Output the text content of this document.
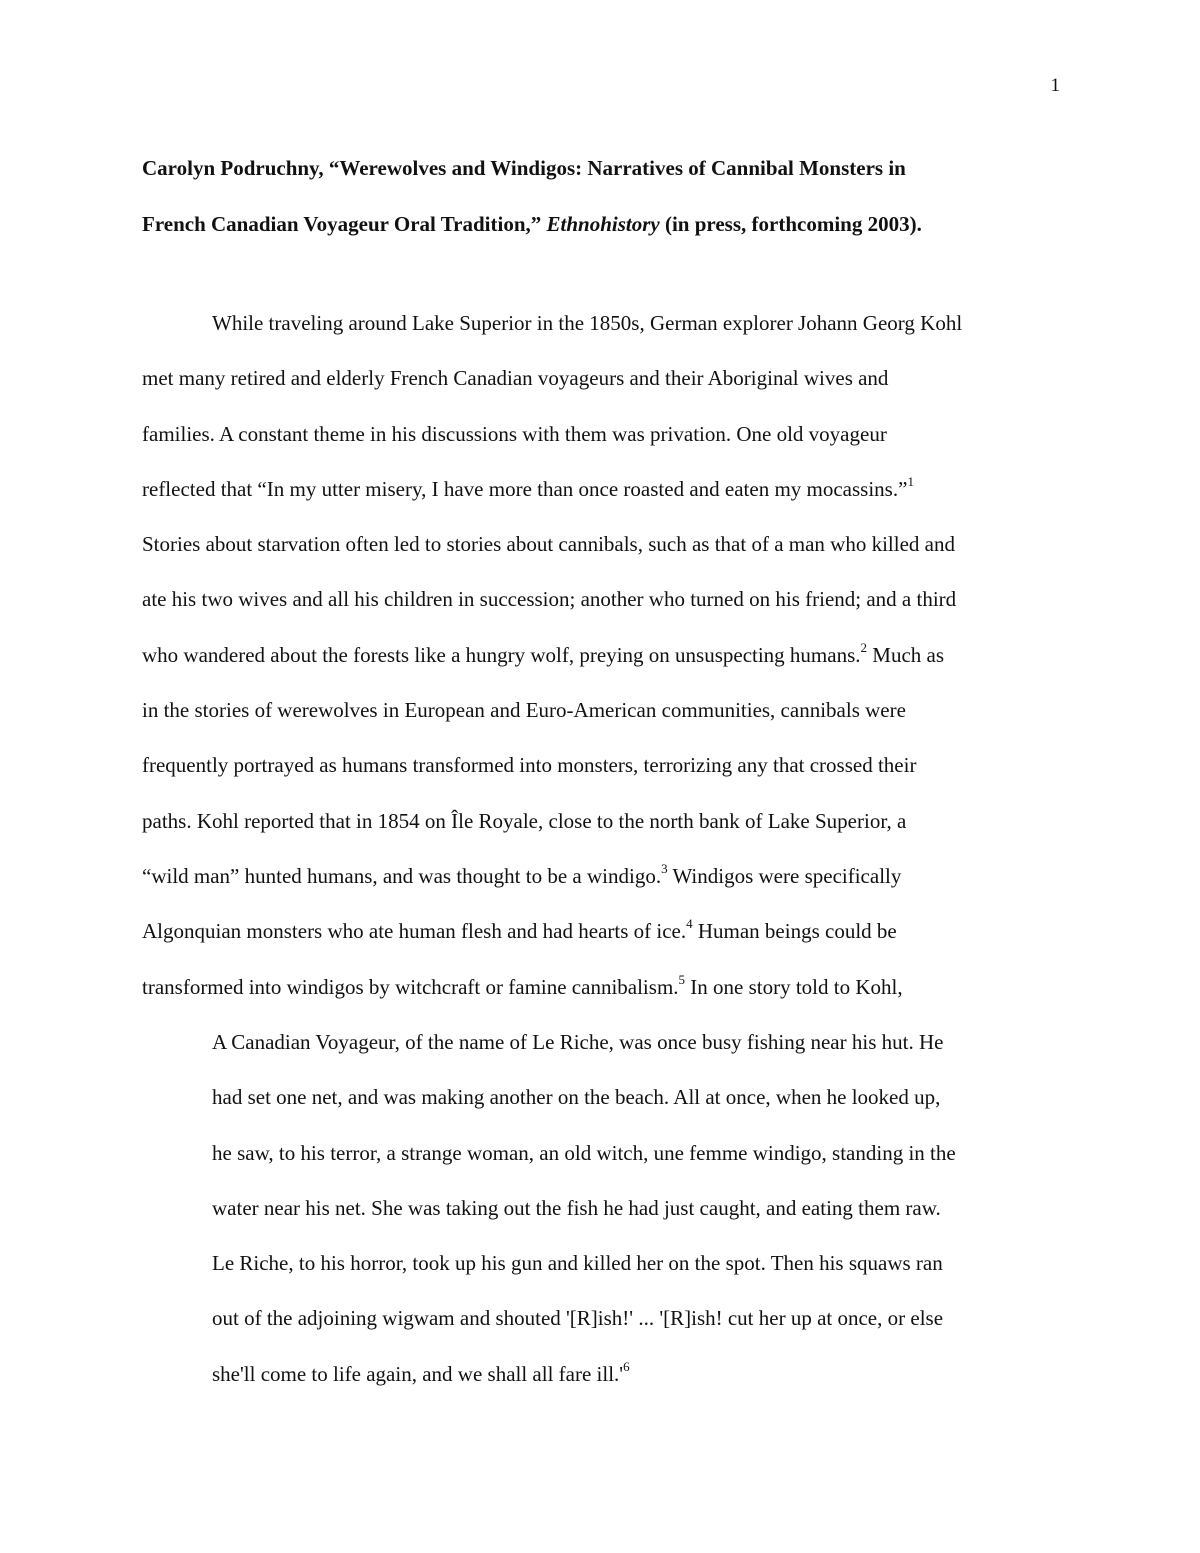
1
Carolyn Podruchny, “Werewolves and Windigos: Narratives of Cannibal Monsters in
French Canadian Voyageur Oral Tradition,” Ethnohistory (in press, forthcoming 2003).
While traveling around Lake Superior in the 1850s, German explorer Johann Georg Kohl
met many retired and elderly French Canadian voyageurs and their Aboriginal wives and
families. A constant theme in his discussions with them was privation. One old voyageur
reflected that “In my utter misery, I have more than once roasted and eaten my mocassins.”$^1$
Stories about starvation often led to stories about cannibals, such as that of a man who killed and
ate his two wives and all his children in succession; another who turned on his friend; and a third
who wandered about the forests like a hungry wolf, preying on unsuspecting humans.$^2$ Much as
in the stories of werewolves in European and Euro-American communities, cannibals were
frequently portrayed as humans transformed into monsters, terrorizing any that crossed their
paths. Kohl reported that in 1854 on Île Royale, close to the north bank of Lake Superior, a
“wild man” hunted humans, and was thought to be a windigo.$^3$ Windigos were specifically
Algonquian monsters who ate human flesh and had hearts of ice.$^4$ Human beings could be
transformed into windigos by witchcraft or famine cannibalism.$^5$ In one story told to Kohl,
A Canadian Voyageur, of the name of Le Riche, was once busy fishing near his hut. He
had set one net, and was making another on the beach. All at once, when he looked up,
he saw, to his terror, a strange woman, an old witch, une femme windigo, standing in the
water near his net. She was taking out the fish he had just caught, and eating them raw.
Le Riche, to his horror, took up his gun and killed her on the spot. Then his squaws ran
out of the adjoining wigwam and shouted '[R]ish!' ... '[R]ish! cut her up at once, or else
she'll come to life again, and we shall all fare $ill.'^6$
